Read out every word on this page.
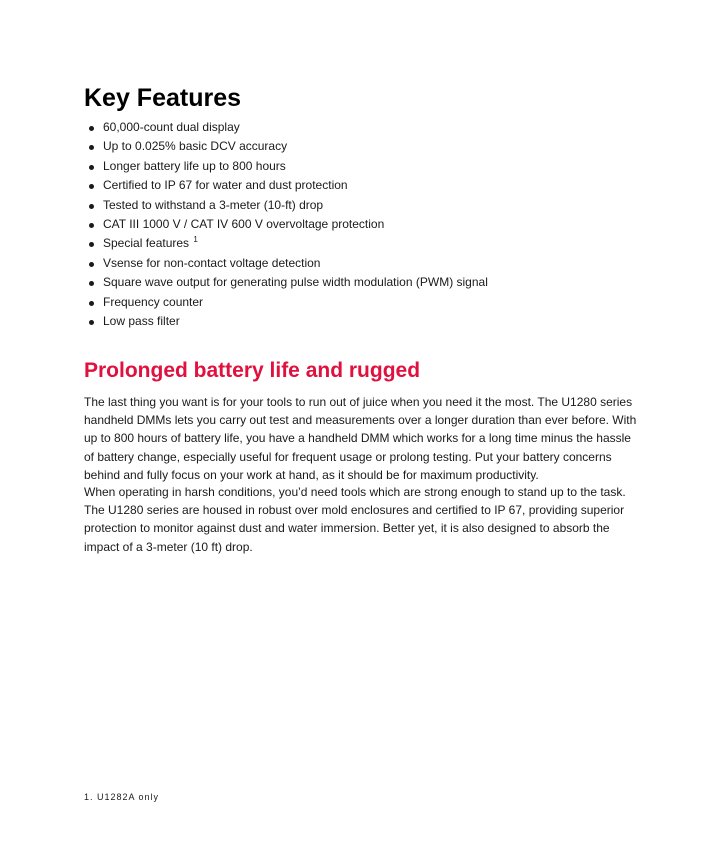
Key Features
60,000-count dual display
Up to 0.025% basic DCV accuracy
Longer battery life up to 800 hours
Certified to IP 67 for water and dust protection
Tested to withstand a 3-meter (10-ft) drop
CAT III 1000 V / CAT IV 600 V overvoltage protection
Special features $^1$
Vsense for non-contact voltage detection
Square wave output for generating pulse width modulation (PWM) signal
Frequency counter
Low pass filter
Prolonged battery life and rugged

The last thing you want is for your tools to run out of juice when you need it the most. The U1280 series handheld DMMs lets you carry out test and measurements over a longer duration than ever before. With up to 800 hours of battery life, you have a handheld DMM which works for a long time minus the hassle of battery change, especially useful for frequent usage or prolong testing. Put your battery concerns behind and fully focus on your work at hand, as it should be for maximum productivity.

When operating in harsh conditions, you’d need tools which are strong enough to stand up to the task. The U1280 series are housed in robust over mold enclosures and certified to IP 67, providing superior protection to monitor against dust and water immersion. Better yet, it is also designed to absorb the impact of a 3-meter (10 ft) drop.

1. U1282A only
